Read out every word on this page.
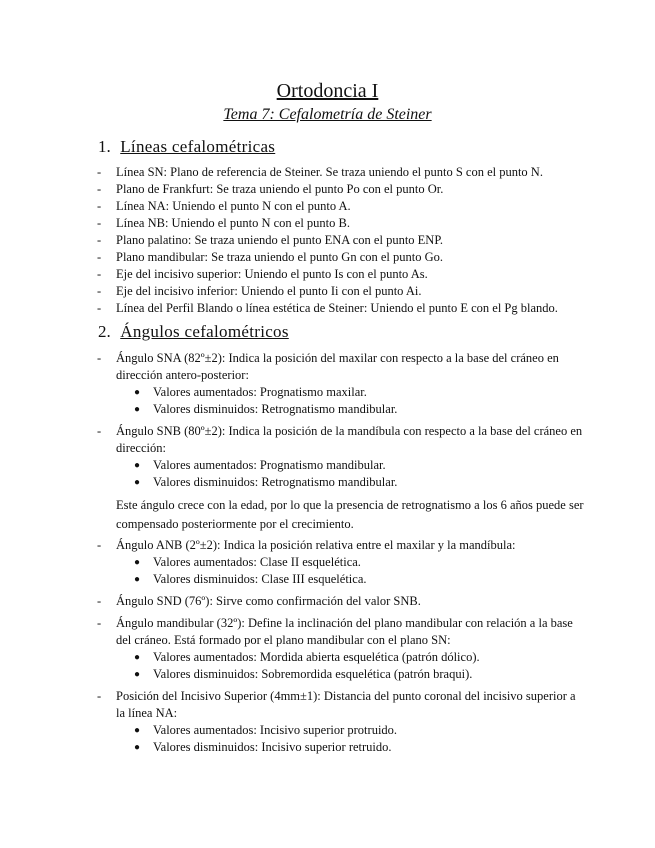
Ortodoncia I
Tema 7: Cefalometría de Steiner
1. Líneas cefalométricas
- Línea SN: Plano de referencia de Steiner. Se traza uniendo el punto S con el punto N.
- Plano de Frankfurt: Se traza uniendo el punto Po con el punto Or.
- Línea NA: Uniendo el punto N con el punto A.
- Línea NB: Uniendo el punto N con el punto B.
- Plano palatino: Se traza uniendo el punto ENA con el punto ENP.
- Plano mandibular: Se traza uniendo el punto Gn con el punto Go.
- Eje del incisivo superior: Uniendo el punto Is con el punto As.
- Eje del incisivo inferior: Uniendo el punto Ii con el punto Ai.
- Línea del Perfil Blando o línea estética de Steiner: Uniendo el punto E con el Pg blando.
2. Ángulos cefalométricos
- Ángulo SNA (82º±2): Indica la posición del maxilar con respecto a la base del cráneo en dirección antero-posterior:
● Valores aumentados: Prognatismo maxilar.
● Valores disminuidos: Retrognatismo mandibular.
- Ángulo SNB (80º±2): Indica la posición de la mandíbula con respecto a la base del cráneo en dirección:
● Valores aumentados: Prognatismo mandibular.
● Valores disminuidos: Retrognatismo mandibular.
Este ángulo crece con la edad, por lo que la presencia de retrognatismo a los 6 años puede ser compensado posteriormente por el crecimiento.
- Ángulo ANB (2º±2): Indica la posición relativa entre el maxilar y la mandíbula:
● Valores aumentados: Clase II esquelética.
● Valores disminuidos: Clase III esquelética.
- Ángulo SND (76º): Sirve como confirmación del valor SNB.
- Ángulo mandibular (32º): Define la inclinación del plano mandibular con relación a la base del cráneo. Está formado por el plano mandibular con el plano SN:
● Valores aumentados: Mordida abierta esquelética (patrón dólico).
● Valores disminuidos: Sobremordida esquelética (patrón braqui).
- Posición del Incisivo Superior (4mm±1): Distancia del punto coronal del incisivo superior a la línea NA:
● Valores aumentados: Incisivo superior protruido.
● Valores disminuidos: Incisivo superior retruido.
